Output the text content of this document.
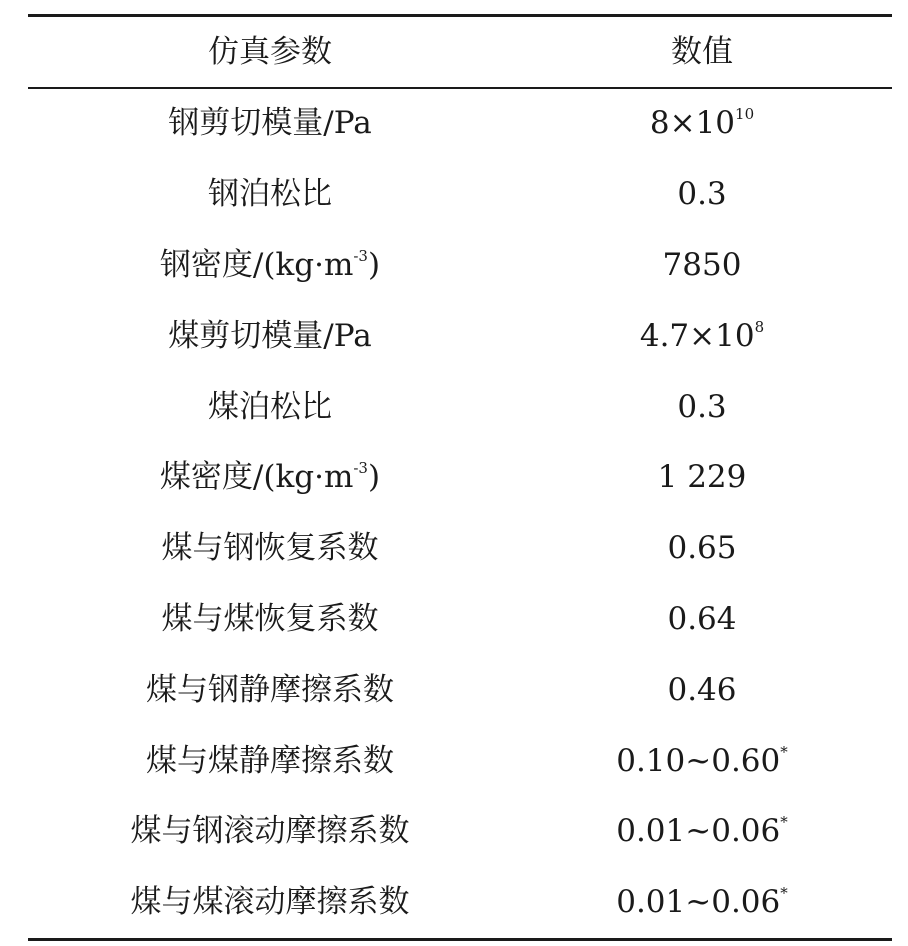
仿真参数	数值
钢剪切模量/Pa	$8\times 10^{10}$
钢泊松比	0.3
钢密度$/(kg\cdot m^{-3})$	7850
煤剪切模量/Pa	$4.7\times 10^8$
煤泊松比	0.3
煤密度$/(kg\cdot m^{-3})$	1 229
煤与钢恢复系数	0.65
煤与煤恢复系数	0.64
煤与钢静摩擦系数	0.46
煤与煤静摩擦系数	0.10~0.60*
煤与钢滚动摩擦系数	0.01~0.06*
煤与煤滚动摩擦系数	0.01~0.06*
